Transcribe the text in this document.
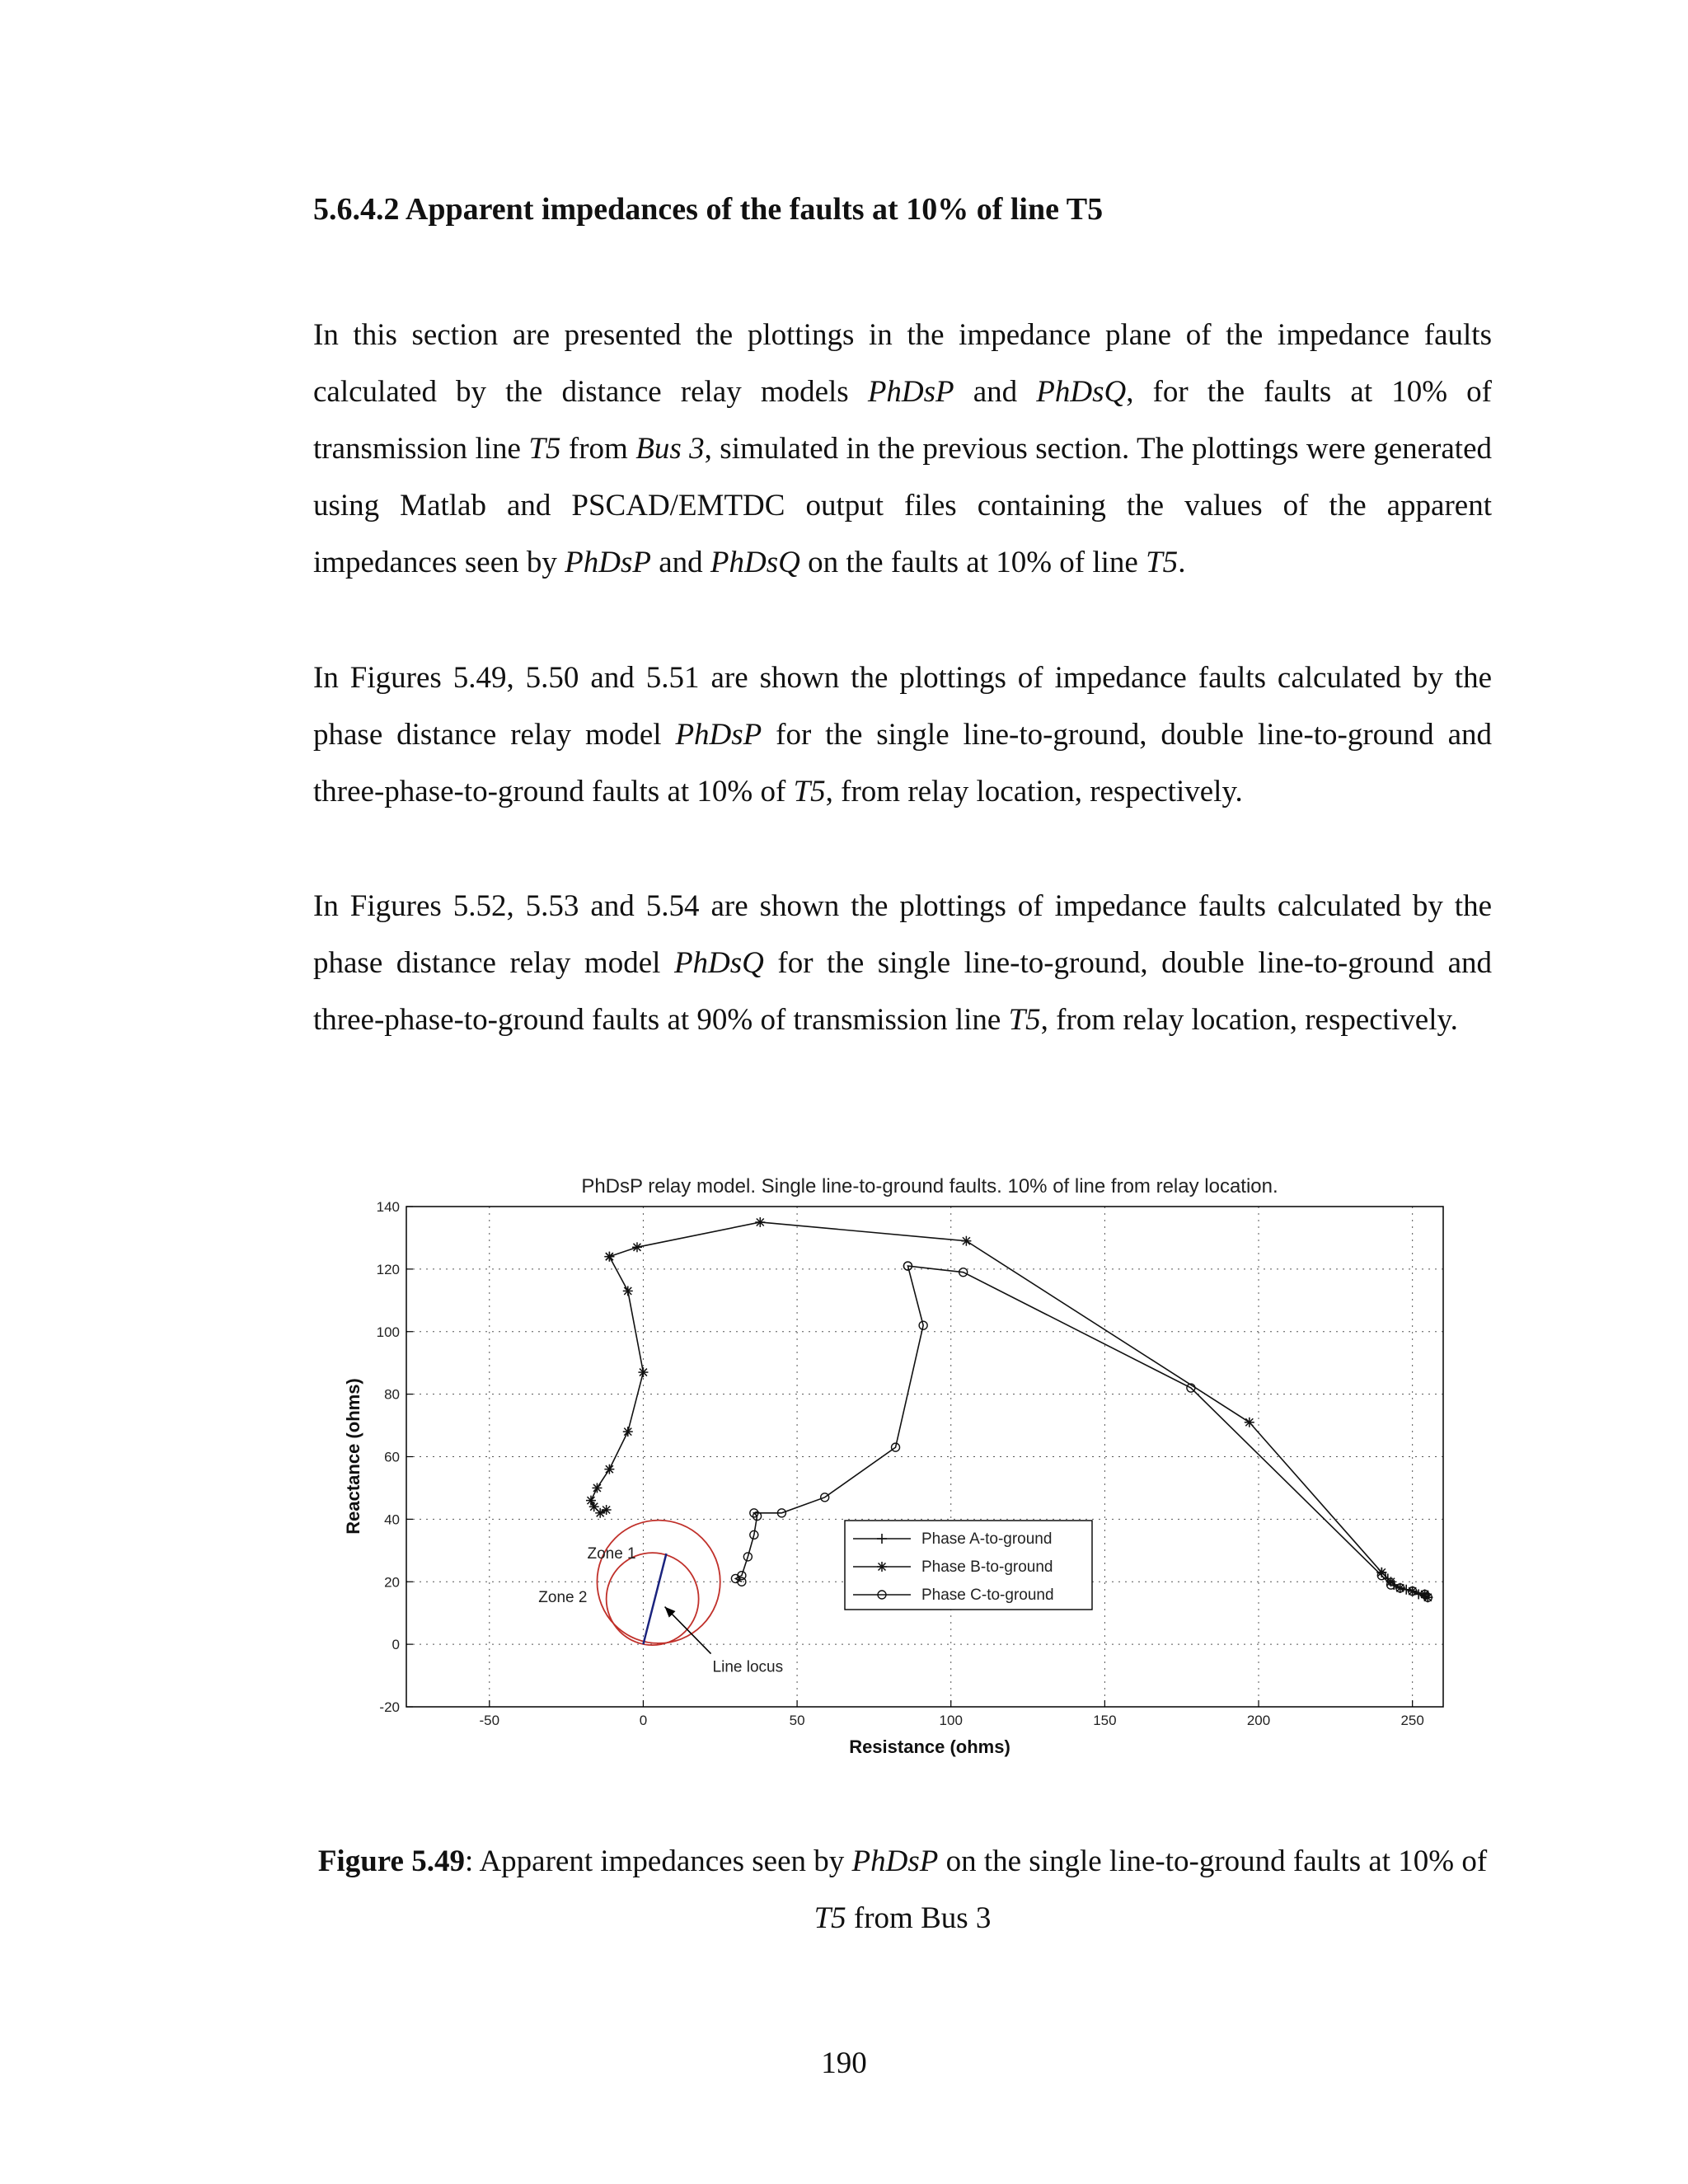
5.6.4.2 Apparent impedances of the faults at 10% of line T5

In this section are presented the plottings in the impedance plane of the impedance faults calculated by the distance relay models PhDsP and PhDsQ, for the faults at 10% of transmission line T5 from Bus 3, simulated in the previous section. The plottings were generated using Matlab and PSCAD/EMTDC output files containing the values of the apparent impedances seen by PhDsP and PhDsQ on the faults at 10% of line T5.

In Figures 5.49, 5.50 and 5.51 are shown the plottings of impedance faults calculated by the phase distance relay model PhDsP for the single line-to-ground, double line-to-ground and three-phase-to-ground faults at 10% of T5, from relay location, respectively.

In Figures 5.52, 5.53 and 5.54 are shown the plottings of impedance faults calculated by the phase distance relay model PhDsQ for the single line-to-ground, double line-to-ground and three-phase-to-ground faults at 90% of transmission line T5, from relay location, respectively.

PhDsP relay model. Single line-to-ground faults. 10% of line from relay location.
-50	0	50	100	150	200	250
-20
0
20
40
60
80
100
120
140
Resistance (ohms)
Reactance (ohms)
Zone 1
Zone 2
Line locus
Phase A-to-ground
Phase B-to-ground
Phase C-to-ground

Figure 5.49: Apparent impedances seen by PhDsP on the single line-to-ground faults at 10% of T5 from Bus 3

190
